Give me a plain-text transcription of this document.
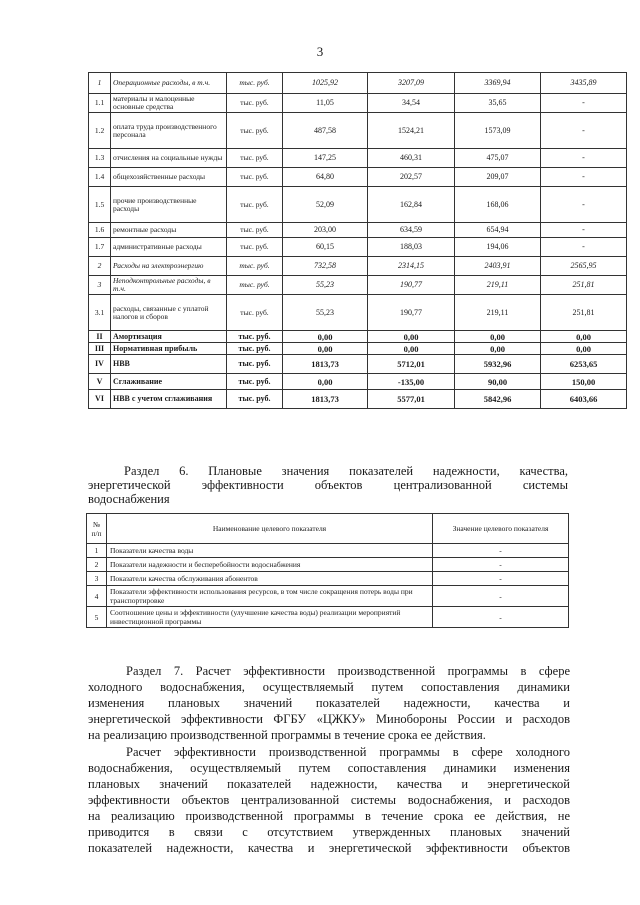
3
1	Операционные расходы, в т.ч.	тыс. руб.	1025,92	3207,09	3369,94	3435,89
1.1	материалы и малоценные основные средства	тыс. руб.	11,05	34,54	35,65	-
1.2	оплата труда производственного персонала	тыс. руб.	487,58	1524,21	1573,09	-
1.3	отчисления на социальные нужды	тыс. руб.	147,25	460,31	475,07	-
1.4	общехозяйственные расходы	тыс. руб.	64,80	202,57	209,07	-
1.5	прочие производственные расходы	тыс. руб.	52,09	162,84	168,06	-
1.6	ремонтные расходы	тыс. руб.	203,00	634,59	654,94	-
1.7	административные расходы	тыс. руб.	60,15	188,03	194,06	-
2	Расходы на электроэнергию	тыс. руб.	732,58	2314,15	2403,91	2565,95
3	Неподконтрольные расходы, в т.ч.	тыс. руб.	55,23	190,77	219,11	251,81
3.1	расходы, связанные с уплатой налогов и сборов	тыс. руб.	55,23	190,77	219,11	251,81
II	Амортизация	тыс. руб.	0,00	0,00	0,00	0,00
III	Нормативная прибыль	тыс. руб.	0,00	0,00	0,00	0,00
IV	НВВ	тыс. руб.	1813,73	5712,01	5932,96	6253,65
V	Сглаживание	тыс. руб.	0,00	-135,00	90,00	150,00
VI	НВВ с учетом сглаживания	тыс. руб.	1813,73	5577,01	5842,96	6403,66
Раздел 6. Плановые значения показателей надежности, качества,
энергетической эффективности объектов централизованной системы
водоснабжения
№ п/п	Наименование целевого показателя	Значение целевого показателя
1	Показатели качества воды	-
2	Показатели надежности и бесперебойности водоснабжения	-
3	Показатели качества обслуживания абонентов	-
4	Показатели эффективности использования ресурсов, в том числе сокращения потерь воды при транспортировке	-
5	Соотношение цены и эффективности (улучшение качества воды) реализации мероприятий инвестиционной программы	-
Раздел 7. Расчет эффективности производственной программы в сфере
холодного водоснабжения, осуществляемый путем сопоставления динамики
изменения плановых значений показателей надежности, качества и
энергетической эффективности ФГБУ «ЦЖКУ» Минобороны России и расходов
на реализацию производственной программы в течение срока ее действия.
Расчет эффективности производственной программы в сфере холодного
водоснабжения, осуществляемый путем сопоставления динамики изменения
плановых значений показателей надежности, качества и энергетической
эффективности объектов централизованной системы водоснабжения, и расходов
на реализацию производственной программы в течение срока ее действия, не
приводится в связи с отсутствием утвержденных плановых значений
показателей надежности, качества и энергетической эффективности объектов
